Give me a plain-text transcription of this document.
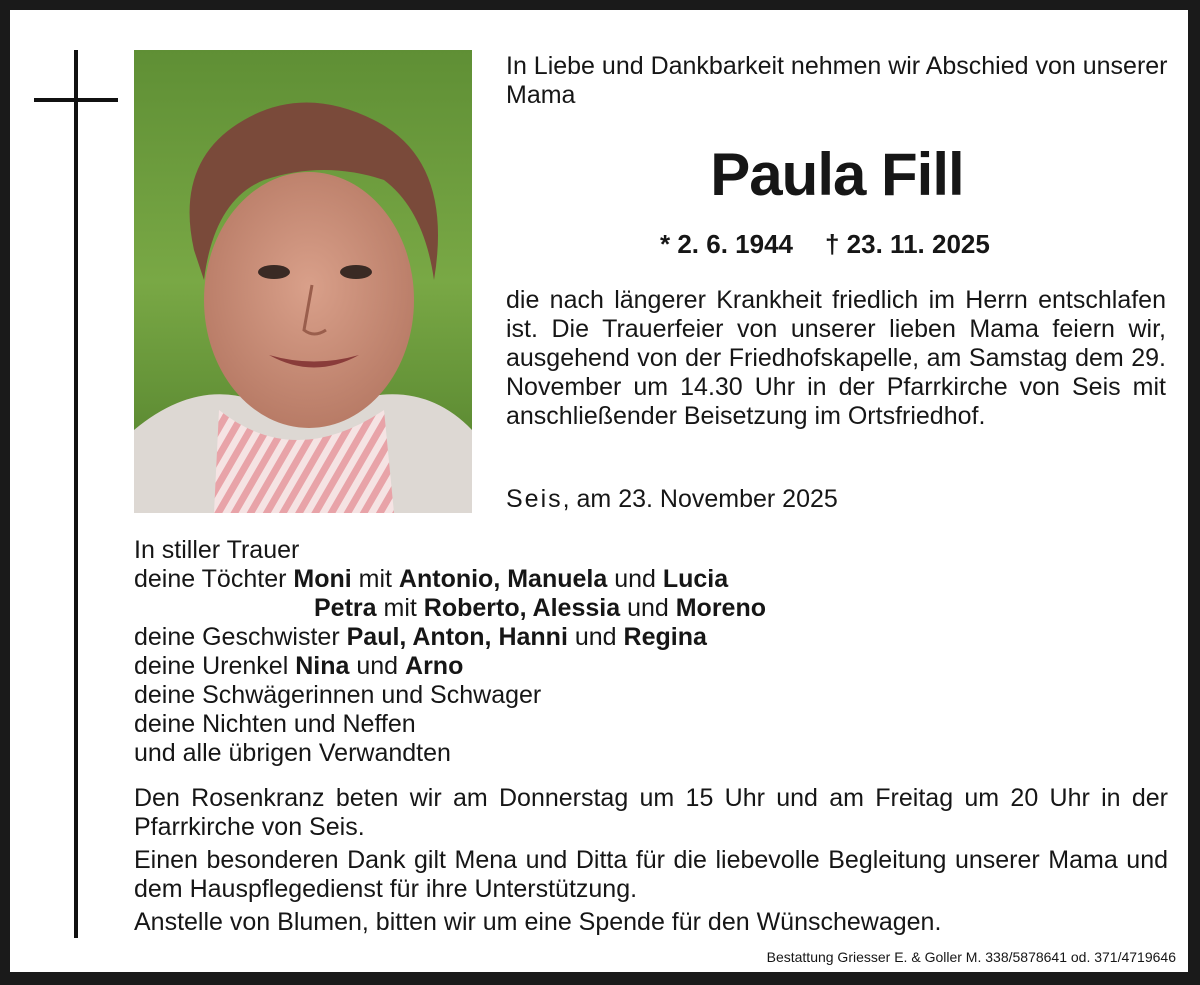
In Liebe und Dankbarkeit nehmen wir Abschied von unserer Mama
Paula Fill
* 2. 6. 1944 † 23. 11. 2025
die nach längerer Krankheit friedlich im Herrn entschlafen ist. Die Trauerfeier von unserer lieben Mama feiern wir, ausgehend von der Friedhofskapelle, am Samstag dem 29. November um 14.30 Uhr in der Pfarrkirche von Seis mit anschließender Beisetzung im Ortsfriedhof.
Seis, am 23. November 2025
In stiller Trauer
deine Töchter Moni mit Antonio, Manuela und Lucia
Petra mit Roberto, Alessia und Moreno
deine Geschwister Paul, Anton, Hanni und Regina
deine Urenkel Nina und Arno
deine Schwägerinnen und Schwager
deine Nichten und Neffen
und alle übrigen Verwandten

Den Rosenkranz beten wir am Donnerstag um 15 Uhr und am Freitag um 20 Uhr in der Pfarrkirche von Seis.

Einen besonderen Dank gilt Mena und Ditta für die liebevolle Begleitung unserer Mama und dem Hauspflegedienst für ihre Unterstützung.

Anstelle von Blumen, bitten wir um eine Spende für den Wünschewagen.

Bestattung Griesser E. & Goller M. 338/5878641 od. 371/4719646
